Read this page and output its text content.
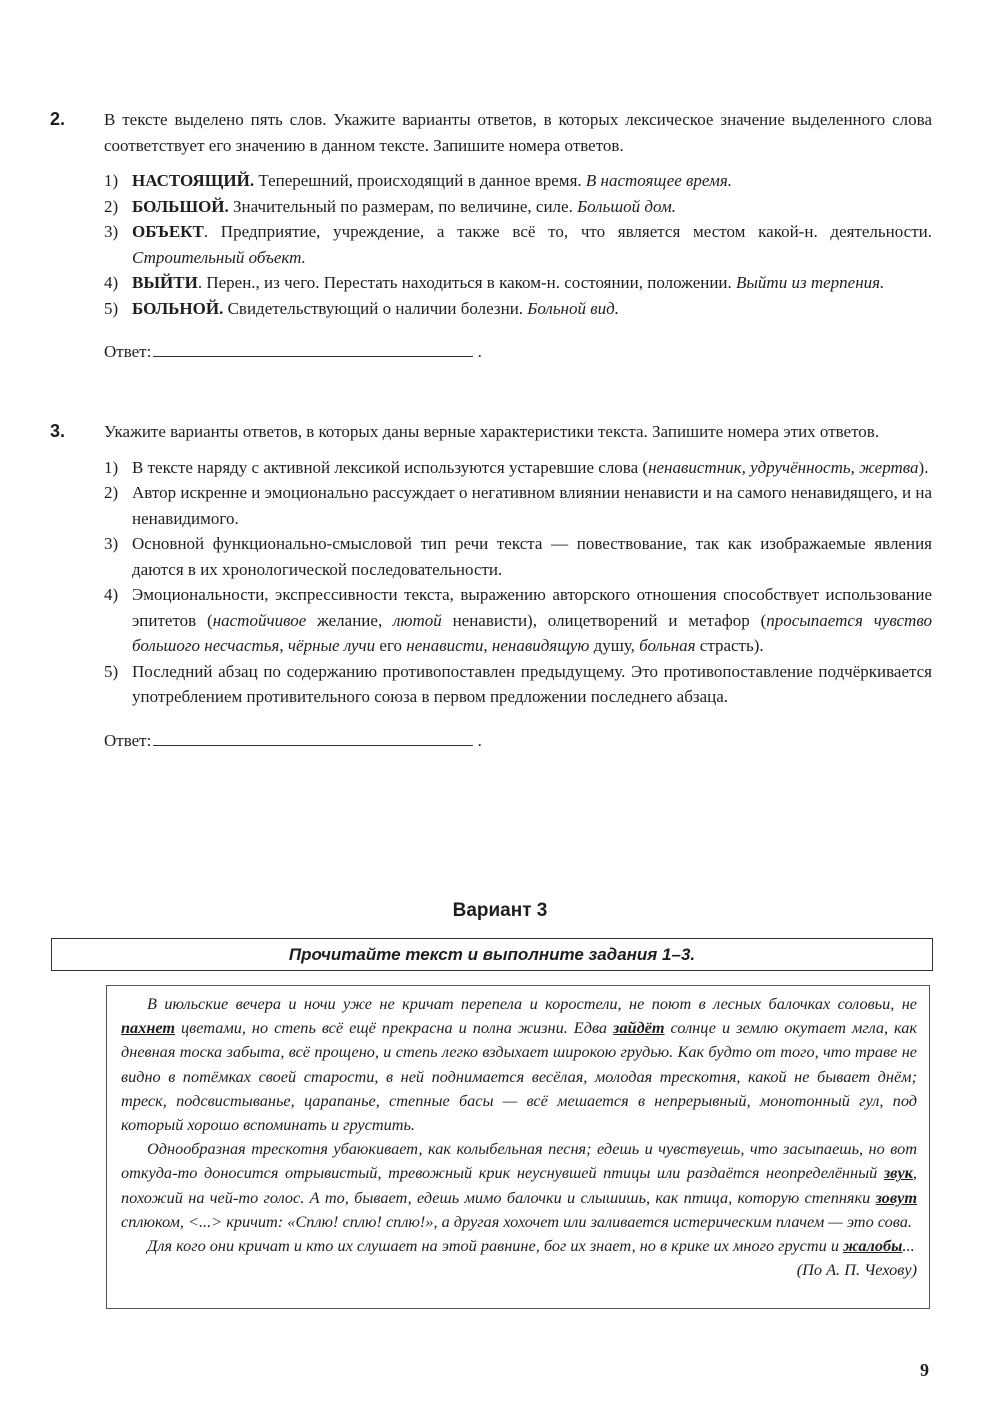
2. В тексте выделено пять слов. Укажите варианты ответов, в которых лексическое значение выделенного слова соответствует его значению в данном тексте. Запишите номера ответов.
1) НАСТОЯЩИЙ. Теперешний, происходящий в данное время. В настоящее время.
2) БОЛЬШОЙ. Значительный по размерам, по величине, силе. Большой дом.
3) ОБЪЕКТ. Предприятие, учреждение, а также всё то, что является местом какой-н. деятельности. Строительный объект.
4) ВЫЙТИ. Перен., из чего. Перестать находиться в каком-н. состоянии, положении. Выйти из терпения.
5) БОЛЬНОЙ. Свидетельствующий о наличии болезни. Больной вид.
Ответ:	.
3. Укажите варианты ответов, в которых даны верные характеристики текста. Запишите номера этих ответов.
1) В тексте наряду с активной лексикой используются устаревшие слова (ненавистник, удручённость, жертва).
2) Автор искренне и эмоционально рассуждает о негативном влиянии ненависти и на самого ненавидящего, и на ненавидимого.
3) Основной функционально-смысловой тип речи текста — повествование, так как изображаемые явления даются в их хронологической последовательности.
4) Эмоциональности, экспрессивности текста, выражению авторского отношения способствует использование эпитетов (настойчивое желание, лютой ненависти), олицетворений и метафор (просыпается чувство большого несчастья, чёрные лучи его ненависти, ненавидящую душу, больная страсть).
5) Последний абзац по содержанию противопоставлен предыдущему. Это противопоставление подчёркивается употреблением противительного союза в первом предложении последнего абзаца.
Ответ:	.
Вариант 3
Прочитайте текст и выполните задания 1–3.

В июльские вечера и ночи уже не кричат перепела и коростели, не поют в лесных балочках соловьи, не пахнет цветами, но степь всё ещё прекрасна и полна жизни. Едва зайдёт солнце и землю окутает мгла, как дневная тоска забыта, всё прощено, и степь легко вздыхает широкою грудью. Как будто от того, что траве не видно в потёмках своей старости, в ней поднимается весёлая, молодая трескотня, какой не бывает днём; треск, подсвистыванье, царапанье, степные басы — всё мешается в непрерывный, монотонный гул, под который хорошо вспоминать и грустить.

Однообразная трескотня убаюкивает, как колыбельная песня; едешь и чувствуешь, что засыпаешь, но вот откуда-то доносится отрывистый, тревожный крик неуснувшей птицы или раздаётся неопределённый звук, похожий на чей-то голос. А то, бывает, едешь мимо балочки и слышишь, как птица, которую степняки зовут сплюком, <...> кричит: «Сплю! сплю! сплю!», а другая хохочет или заливается истерическим плачем — это сова.

Для кого они кричат и кто их слушает на этой равнине, бог их знает, но в крике их много грусти и жалобы...

(По А. П. Чехову)

9
